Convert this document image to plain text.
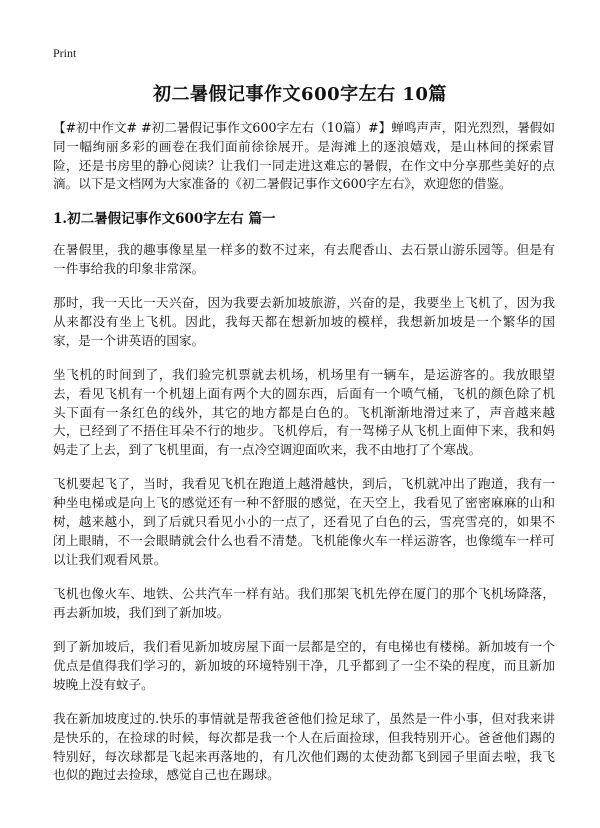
Print
初二暑假记事作文600字左右 10篇

【#初中作文# #初二暑假记事作文600字左右（10篇）#】蝉鸣声声，阳光烈烈，暑假如同一幅绚丽多彩的画卷在我们面前徐徐展开。是海滩上的逐浪嬉戏，是山林间的探索冒险，还是书房里的静心阅读？让我们一同走进这难忘的暑假，在作文中分享那些美好的点滴。以下是文档网为大家准备的《初二暑假记事作文600字左右》，欢迎您的借鉴。

1.初二暑假记事作文600字左右 篇一

在暑假里，我的趣事像星星一样多的数不过来，有去爬香山、去石景山游乐园等。但是有一件事给我的印象非常深。

那时，我一天比一天兴奋，因为我要去新加坡旅游，兴奋的是，我要坐上飞机了，因为我从来都没有坐上飞机。因此，我每天都在想新加坡的模样，我想新加坡是一个繁华的国家，是一个讲英语的国家。

坐飞机的时间到了，我们验完机票就去机场，机场里有一辆车，是运游客的。我放眼望去，看见飞机有一个机翅上面有两个大的圆东西，后面有一个喷气桶，飞机的颜色除了机头下面有一条红色的线外，其它的地方都是白色的。飞机渐渐地滑过来了，声音越来越大，已经到了不捂住耳朵不行的地步。飞机停后，有一驾梯子从飞机上面伸下来，我和妈妈走了上去，到了飞机里面，有一点冷空调迎面吹来，我不由地打了个寒战。

飞机要起飞了，当时，我看见飞机在跑道上越滑越快，到后，飞机就冲出了跑道，我有一种坐电梯或是向上飞的感觉还有一种不舒服的感觉，在天空上，我看见了密密麻麻的山和树，越来越小，到了后就只看见小小的一点了，还看见了白色的云，雪亮雪亮的，如果不闭上眼睛，不一会眼睛就会什么也看不清楚。飞机能像火车一样运游客，也像缆车一样可以让我们观看风景。

飞机也像火车、地铁、公共汽车一样有站。我们那架飞机先停在厦门的那个飞机场降落，再去新加坡，我们到了新加坡。

到了新加坡后，我们看见新加坡房屋下面一层都是空的，有电梯也有楼梯。新加坡有一个优点是值得我们学习的，新加坡的环境特别干净，几乎都到了一尘不染的程度，而且新加坡晚上没有蚊子。

我在新加坡度过的.快乐的事情就是帮我爸爸他们捡足球了，虽然是一件小事，但对我来讲是快乐的，在捡球的时候，每次都是我一个人在后面捡球，但我特别开心。爸爸他们踢的特别好，每次球都是飞起来再落地的，有几次他们踢的太使劲都飞到园子里面去啦，我飞也似的跑过去捡球，感觉自己也在踢球。
